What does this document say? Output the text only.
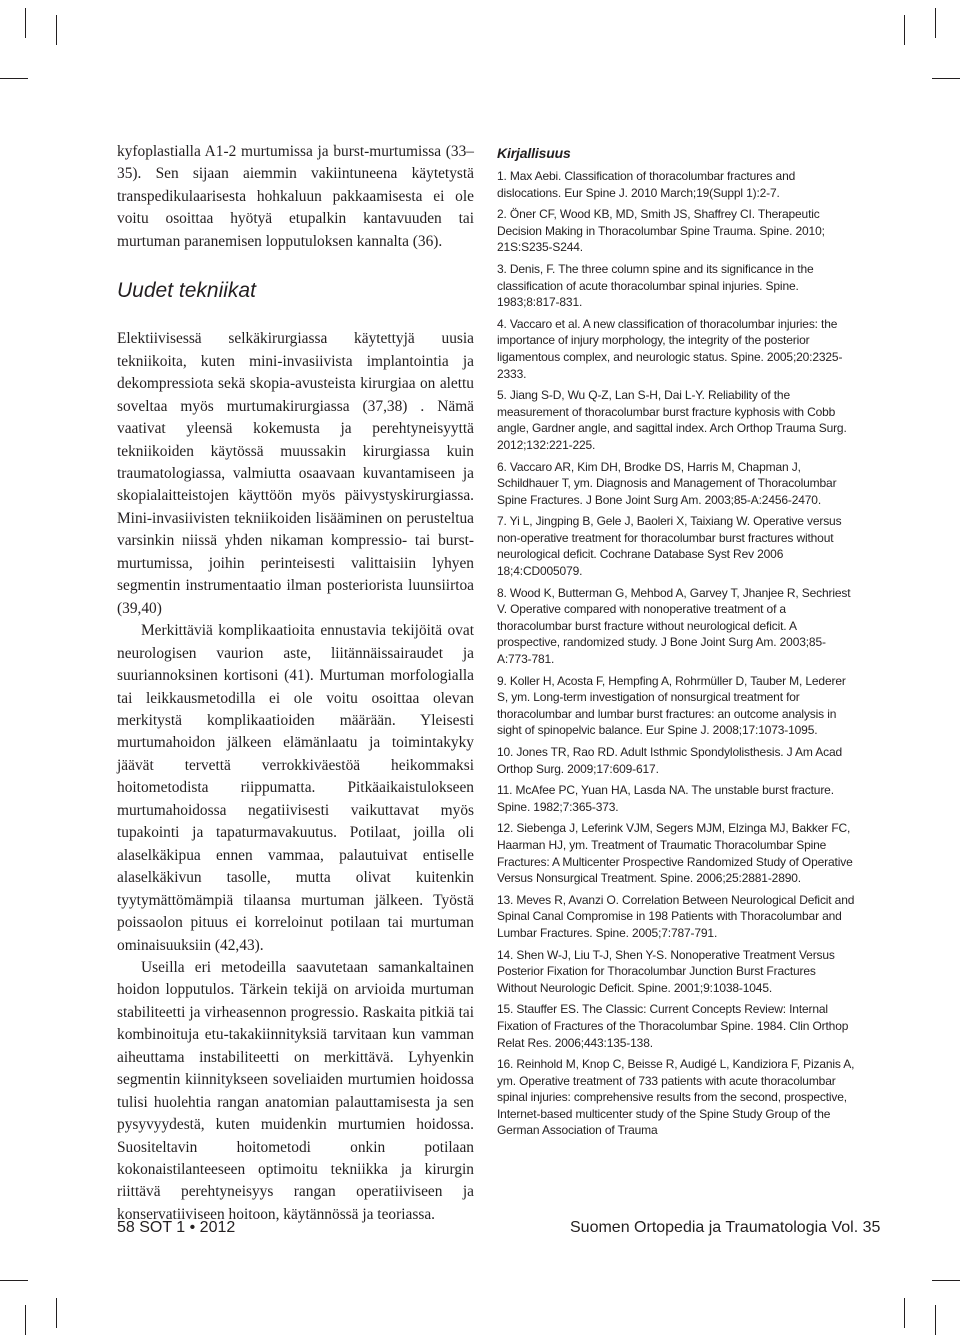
kyfoplastialla A1-2 murtumissa ja burst-murtumissa (33–35). Sen sijaan aiemmin vakiintuneena käytetystä transpedikulaarisesta hohkaluun pakkaamisesta ei ole voitu osoittaa hyötyä etupalkin kantavuuden tai murtuman paranemisen lopputuloksen kannalta (36).

Uudet tekniikat

Elektiivisessä selkäkirurgiassa käytettyjä uusia tekniikoita, kuten mini-invasiivista implantointia ja dekompressiota sekä skopia-avusteista kirurgiaa on alettu soveltaa myös murtumakirurgiassa (37,38) . Nämä vaativat yleensä kokemusta ja perehtyneisyyttä tekniikoiden käytössä muussakin kirurgiassa kuin traumatologiassa, valmiutta osaavaan kuvantamiseen ja skopialaitteistojen käyttöön myös päivystyskirurgiassa. Mini-invasiivisten tekniikoiden lisääminen on perusteltua varsinkin niissä yhden nikaman kompressio- tai burst-murtumissa, joihin perinteisesti valittaisiin lyhyen segmentin instrumentaatio ilman posteriorista luunsiirtoa (39,40)

Merkittäviä komplikaatioita ennustavia tekijöitä ovat neurologisen vaurion aste, liitännäissairaudet ja suuriannoksinen kortisoni (41). Murtuman morfologialla tai leikkausmetodilla ei ole voitu osoittaa olevan merkitystä komplikaatioiden määrään. Yleisesti murtumahoidon jälkeen elämänlaatu ja toimintakyky jäävät tervettä verrokkiväestöä heikommaksi hoitometodista riippumatta. Pitkäaikaistulokseen murtumahoidossa negatiivisesti vaikuttavat myös tupakointi ja tapaturmavakuutus. Potilaat, joilla oli alaselkäkipua ennen vammaa, palautuivat entiselle alaselkäkivun tasolle, mutta olivat kuitenkin tyytymättömämpiä tilaansa murtuman jälkeen. Työstä poissaolon pituus ei korreloinut potilaan tai murtuman ominaisuuksiin (42,43).

Useilla eri metodeilla saavutetaan samankaltainen hoidon lopputulos. Tärkein tekijä on arvioida murtuman stabiliteetti ja virheasennon progressio. Raskaita pitkiä tai kombinoituja etu-takakiinnityksiä tarvitaan kun vamman aiheuttama instabiliteetti on merkittävä. Lyhyenkin segmentin kiinnitykseen soveliaiden murtumien hoidossa tulisi huolehtia rangan anatomian palauttamisesta ja sen pysyvyydestä, kuten muidenkin murtumien hoidossa. Suositeltavin hoitometodi onkin potilaan kokonaistilanteeseen optimoitu tekniikka ja kirurgin riittävä perehtyneisyys rangan operatiiviseen ja konservatiiviseen hoitoon, käytännössä ja teoriassa.

Kirjallisuus
1. Max Aebi. Classification of thoracolumbar fractures and dislocations. Eur Spine J. 2010 March;19(Suppl 1):2-7.
2. Öner CF, Wood KB, MD, Smith JS, Shaffrey CI. Therapeutic Decision Making in Thoracolumbar Spine Trauma. Spine. 2010; 21S:S235-S244.
3. Denis, F. The three column spine and its significance in the classification of acute thoracolumbar spinal injuries. Spine. 1983;8:817-831.
4. Vaccaro et al. A new classification of thoracolumbar injuries: the importance of injury morphology, the integrity of the posterior ligamentous complex, and neurologic status. Spine. 2005;20:2325-2333.
5. Jiang S-D, Wu Q-Z, Lan S-H, Dai L-Y. Reliability of the measurement of thoracolumbar burst fracture kyphosis with Cobb angle, Gardner angle, and sagittal index. Arch Orthop Trauma Surg. 2012;132:221-225.
6. Vaccaro AR, Kim DH, Brodke DS, Harris M, Chapman J, Schildhauer T, ym. Diagnosis and Management of Thoracolumbar Spine Fractures. J Bone Joint Surg Am. 2003;85-A:2456-2470.
7. Yi L, Jingping B, Gele J, Baoleri X, Taixiang W. Operative versus non-operative treatment for thoracolumbar burst fractures without neurological deficit. Cochrane Database Syst Rev 2006 18;4:CD005079.
8. Wood K, Butterman G, Mehbod A, Garvey T, Jhanjee R, Sechriest V. Operative compared with nonoperative treatment of a thoracolumbar burst fracture without neurological deficit. A prospective, randomized study. J Bone Joint Surg Am. 2003;85-A:773-781.
9. Koller H, Acosta F, Hempfing A, Rohrmüller D, Tauber M, Lederer S, ym. Long-term investigation of nonsurgical treatment for thoracolumbar and lumbar burst fractures: an outcome analysis in sight of spinopelvic balance. Eur Spine J. 2008;17:1073-1095.
10. Jones TR, Rao RD. Adult Isthmic Spondylolisthesis. J Am Acad Orthop Surg. 2009;17:609-617.
11. McAfee PC, Yuan HA, Lasda NA. The unstable burst fracture. Spine. 1982;7:365-373.
12. Siebenga J, Leferink VJM, Segers MJM, Elzinga MJ, Bakker FC, Haarman HJ, ym. Treatment of Traumatic Thoracolumbar Spine Fractures: A Multicenter Prospective Randomized Study of Operative Versus Nonsurgical Treatment. Spine. 2006;25:2881-2890.
13. Meves R, Avanzi O. Correlation Between Neurological Deficit and Spinal Canal Compromise in 198 Patients with Thoracolumbar and Lumbar Fractures. Spine. 2005;7:787-791.
14. Shen W-J, Liu T-J, Shen Y-S. Nonoperative Treatment Versus Posterior Fixation for Thoracolumbar Junction Burst Fractures Without Neurologic Deficit. Spine. 2001;9:1038-1045.
15. Stauffer ES. The Classic: Current Concepts Review: Internal Fixation of Fractures of the Thoracolumbar Spine. 1984. Clin Orthop Relat Res. 2006;443:135-138.
16. Reinhold M, Knop C, Beisse R, Audigé L, Kandiziora F, Pizanis A, ym. Operative treatment of 733 patients with acute thoracolumbar spinal injuries: comprehensive results from the second, prospective, Internet-based multicenter study of the Spine Study Group of the German Association of Trauma
58 SOT 1 • 2012	Suomen Ortopedia ja Traumatologia Vol. 35
